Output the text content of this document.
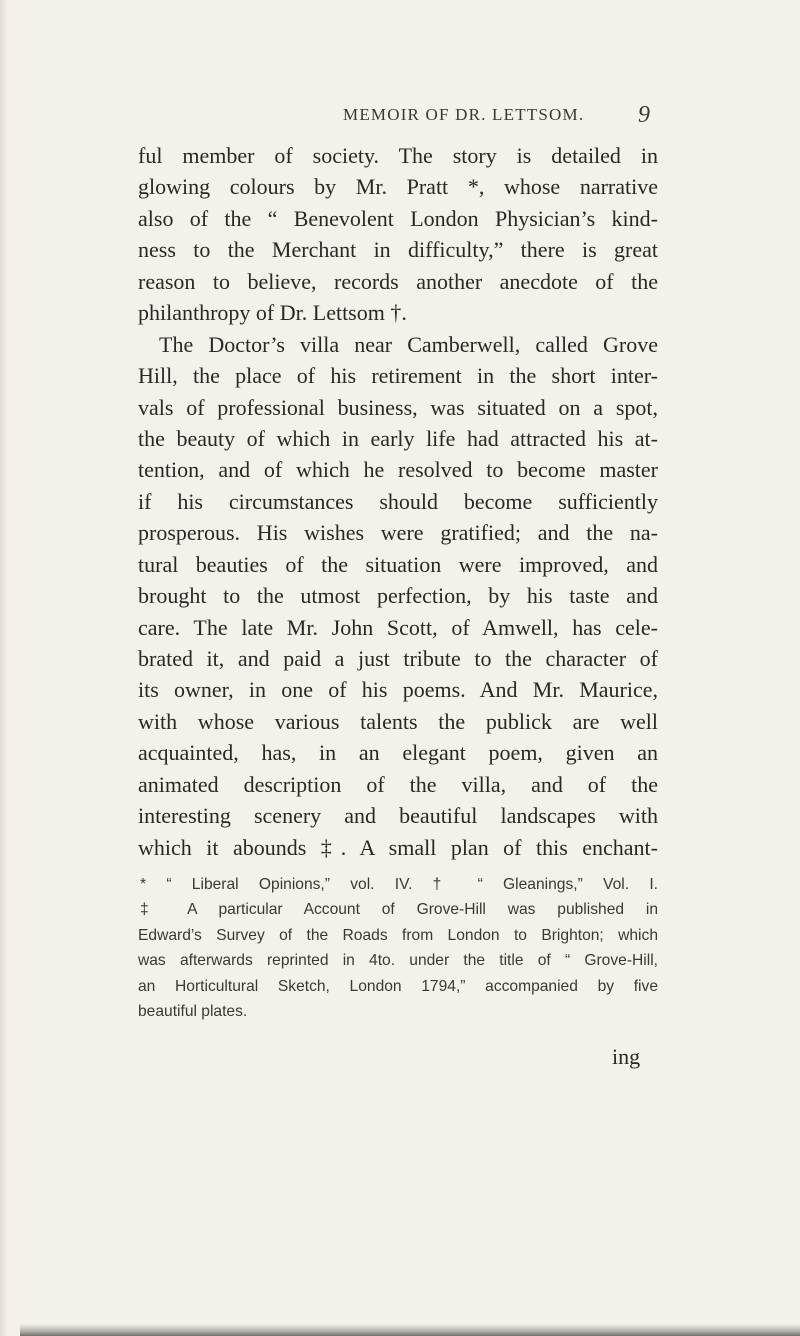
MEMOIR OF DR. LETTSOM. 9
ful member of society. The story is detailed in
glowing colours by Mr. Pratt *, whose narrative
also of the “ Benevolent London Physician’s kind-
ness to the Merchant in difficulty,” there is great
reason to believe, records another anecdote of the
philanthropy of Dr. Lettsom †.
The Doctor’s villa near Camberwell, called Grove
Hill, the place of his retirement in the short inter-
vals of professional business, was situated on a spot,
the beauty of which in early life had attracted his at-
tention, and of which he resolved to become master
if his circumstances should become sufficiently
prosperous. His wishes were gratified; and the na-
tural beauties of the situation were improved, and
brought to the utmost perfection, by his taste and
care. The late Mr. John Scott, of Amwell, has cele-
brated it, and paid a just tribute to the character of
its owner, in one of his poems. And Mr. Maurice,
with whose various talents the publick are well
acquainted, has, in an elegant poem, given an
animated description of the villa, and of the
interesting scenery and beautiful landscapes with
which it abounds ‡. A small plan of this enchant-
* “ Liberal Opinions,” vol. IV. † “ Gleanings,” Vol. I.
‡ A particular Account of Grove-Hill was published in
Edward’s Survey of the Roads from London to Brighton; which
was afterwards reprinted in 4to. under the title of “ Grove-Hill,
an Horticultural Sketch, London 1794,” accompanied by five
beautiful plates.
ing
